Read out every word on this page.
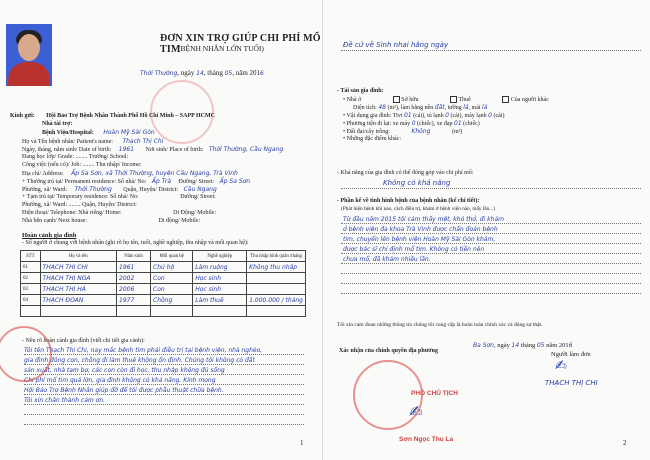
ĐƠN XIN TRỢ GIÚP CHI PHÍ MỔ TIM
(BỆNH NHÂN LỚN TUỔI)
Thới Thường, ngày 14, tháng 05, năm 2016
Kính gửi: Hội Bảo Trợ Bệnh Nhân Thành Phố Hồ Chí Minh – SAPP HCMC
Nhà tài trợ:
Bệnh Viện/Hospital: Hoàn Mỹ Sài Gòn
Họ và Tên bệnh nhân/ Patient's name: Thạch Thị Chi
Ngày, tháng, năm sinh/ Date of birth: 1961 Nơi sinh/ Place of birth: Thới Thường, Cầu Ngang
Đang học lớp/ Grade: ........ Trường/ School:
Công việc (nếu có)/ Job: ........ Thu nhập/ Income:
Địa chỉ/ Address: Ấp Sa Sơn, xã Thới Thường, huyện Cầu Ngang, Trà Vinh
+ Thường trú tại/ Permanent residence: Số nhà/ No: Ấp Trà Đường/ Street: Ấp Sa Sơn
Phường, xã/ Ward: Thới Thường Quận, Huyện/ District: Cầu Ngang
+ Tạm trú tại/ Temporary residence: Số nhà/ No:	Đường/ Street:
Phường, xã/ Ward: ........ Quận, Huyện/ District:
Điện thoại/ Telephone: Nhà riêng/ Home:	Di Động/ Mobile:
Nhà bên cạnh/ Next house:	Di động/ Mobile:
Hoàn cảnh gia đình
- Số người ở chung với bệnh nhân (ghi rõ họ tên, tuổi, nghề nghiệp, thu nhập và mối quan hệ):
STT	Họ và tên	Năm sinh	Mối quan hệ	Nghề nghiệp	Thu nhập bình quân /tháng
01	THẠCH THỊ CHI	1961	Chủ hộ	Làm ruộng	Không thu nhập
02	THẠCH THỊ NGA	2002	Con	Học sinh	
03	THẠCH THỊ HÀ	2006	Con	Học sinh	
04	THẠCH ĐOAN	1977	Chồng	Làm thuê	1.000.000 / tháng

- Nêu rõ hoàn cảnh gia đình (viết chi tiết gia cảnh):
Tôi tên Thạch Thị Chi, nay mắc bệnh tim phải điều trị tại bệnh viện, nhà nghèo,
gia đình đông con, chồng đi làm thuê không ổn định. Chúng tôi không có đất
sản xuất, nhà tạm bợ, các con còn đi học, thu nhập không đủ sống
Chi phí mổ tim quá lớn, gia đình không có khả năng. Kính mong
Hội Bảo Trợ Bệnh Nhân giúp đỡ để tôi được phẫu thuật chữa bệnh.
Tôi xin chân thành cảm ơn.
1
Đề cử về Sinh nhai hằng ngày
- Tài sản gia đình:
• Nhà ở	Sở hữu	Thuê	Của người khác
Diện tích: 48 (m²), làm bằng nền đất, tường lá, mái lá
• Vật dụng gia đình: Tivi 01 (cái), tủ lạnh 0 (cái), máy lạnh 0 (cái)
• Phương tiện đi lại: xe máy 0 (chiếc), xe đạp 01 (chiếc)
• Đất đai/cây trồng:	Không	(m²)
• Những đặc điểm khác:
- Khả năng của gia đình có thể đóng góp vào chi phí mổ:
Không có khả năng
- Phần kể về tình hình bệnh của bệnh nhân (kể chi tiết):
(Phát hiện bệnh khi nào, cách điều trị, khám ở bệnh viện nào, mấy lần...)
Từ đầu năm 2015 tôi cảm thấy mệt, khó thở, đi khám
ở bệnh viện đa khoa Trà Vinh được chẩn đoán bệnh
tim, chuyển lên bệnh viện Hoàn Mỹ Sài Gòn khám,
được bác sĩ chỉ định mổ tim. Không có tiền nên
chưa mổ, đã khám nhiều lần.
Tôi xin cam đoan những thông tin chúng tôi cung cấp là hoàn toàn chính xác và đúng sự thật.
Ba Sơn, ngày 14 tháng 05 năm 2016
Xác nhận của chính quyền địa phương	Người làm đơn
PHÓ CHỦ TỊCH
✍
Sơn Ngọc Thu La
✍
THẠCH THỊ CHI
2
